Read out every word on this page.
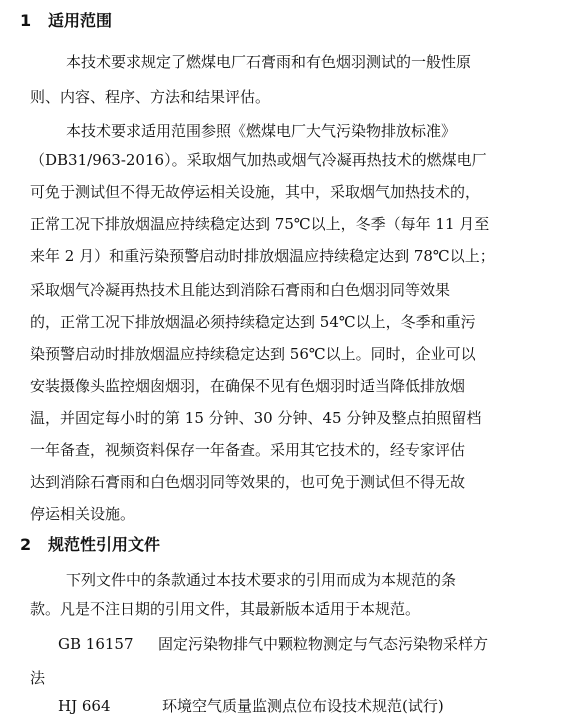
1 适用范围
本技术要求规定了燃煤电厂石膏雨和有色烟羽测试的一般性原
则、内容、程序、方法和结果评估。
本技术要求适用范围参照《燃煤电厂大气污染物排放标准》
（DB31/963-2016）。采取烟气加热或烟气冷凝再热技术的燃煤电厂
可免于测试但不得无故停运相关设施，其中，采取烟气加热技术的，
正常工况下排放烟温应持续稳定达到 75℃以上，冬季（每年 11 月至
来年 2 月）和重污染预警启动时排放烟温应持续稳定达到 78℃以上；
采取烟气冷凝再热技术且能达到消除石膏雨和白色烟羽同等效果
的，正常工况下排放烟温必须持续稳定达到 54℃以上，冬季和重污
染预警启动时排放烟温应持续稳定达到 56℃以上。同时，企业可以
安装摄像头监控烟囱烟羽，在确保不见有色烟羽时适当降低排放烟
温，并固定每小时的第 15 分钟、30 分钟、45 分钟及整点拍照留档
一年备查，视频资料保存一年备查。采用其它技术的，经专家评估
达到消除石膏雨和白色烟羽同等效果的，也可免于测试但不得无故
停运相关设施。
2 规范性引用文件
下列文件中的条款通过本技术要求的引用而成为本规范的条
款。凡是不注日期的引用文件，其最新版本适用于本规范。
GB 16157 固定污染物排气中颗粒物测定与气态污染物采样方
法
HJ 664	环境空气质量监测点位布设技术规范(试行)
